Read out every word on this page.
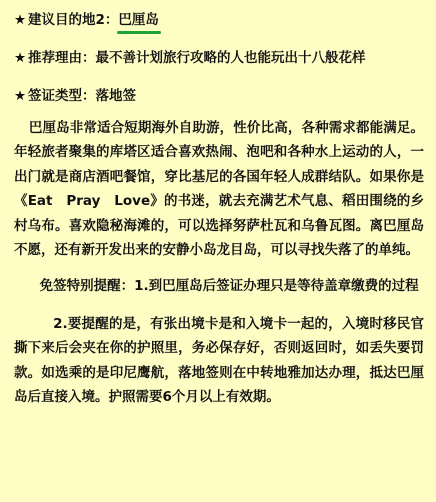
★ 建议目的地2：巴厘岛
★ 推荐理由：最不善计划旅行攻略的人也能玩出十八般花样
★ 签证类型：落地签

巴厘岛非常适合短期海外自助游，性价比高，各种需求都能满足。年轻旅者聚集的库塔区适合喜欢热闹、泡吧和各种水上运动的人，一出门就是商店酒吧餐馆，穿比基尼的各国年轻人成群结队。如果你是《Eat　Pray　Love》的书迷，就去充满艺术气息、稻田围绕的乡村乌布。喜欢隐秘海滩的，可以选择努萨杜瓦和乌鲁瓦图。离巴厘岛不愿，还有新开发出来的安静小岛龙目岛，可以寻找失落了的单纯。

免签特别提醒：1.到巴厘岛后签证办理只是等待盖章缴费的过程

2.要提醒的是，有张出境卡是和入境卡一起的，入境时移民官撕下来后会夹在你的护照里，务必保存好，否则返回时，如丢失要罚款。如选乘的是印尼鹰航，落地签则在中转地雅加达办理，抵达巴厘岛后直接入境。护照需要6个月以上有效期。
